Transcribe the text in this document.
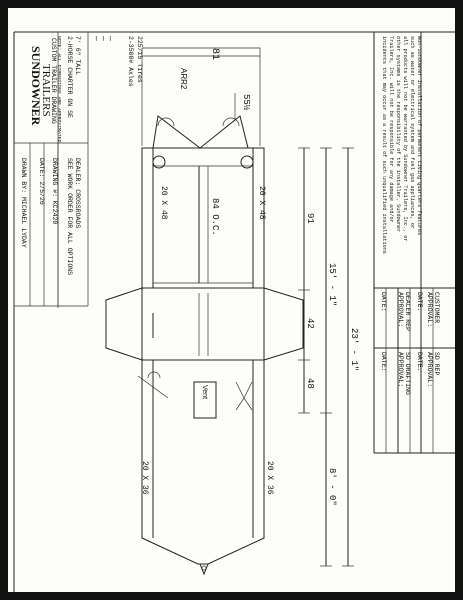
2-HORSE CHARTER GN SE 7' 6" TALL	2-3500# Axles 225/15 Tires
—
—
—
SUNDOWNER
TRAILERS
CUSTOM TRAILER DRAWING NOTE: ALL DIMENSIONS ARE APPROXIMATED
SEE WORK ORDER FOR ALL OPTIONS DEALER: CROSSROADS
DATE: 2/5/26 DRAWING #: KC2420
DRAWN BY: MICHAEL LYDAY	Non-Sundowner installation of permanent Living Quarters features
such as water or electrical system and fuel gas appliances, or
all products will not be warranted by Sundowner Trailers, Inc., or
other systems is the responsibility of the installer. Sundowner
Trailers, Inc. will not be responsible for any damage and/or
incidents that may occur as a result of such unqualified installations
CUSTOMER
APPROVAL:
DATE:
DEALER REP
APPROVAL:
DATE:
SD REP
APPROVAL:
DATE:
SD DRAFTING
APPROVAL:
DATE:
81
ARR2
55½
20 X 48	20 X 48
84 O.C.
Vent
20 X 36	20 X 36
91
42
48
15' - 1"
8' - 0"
23' - 1"
